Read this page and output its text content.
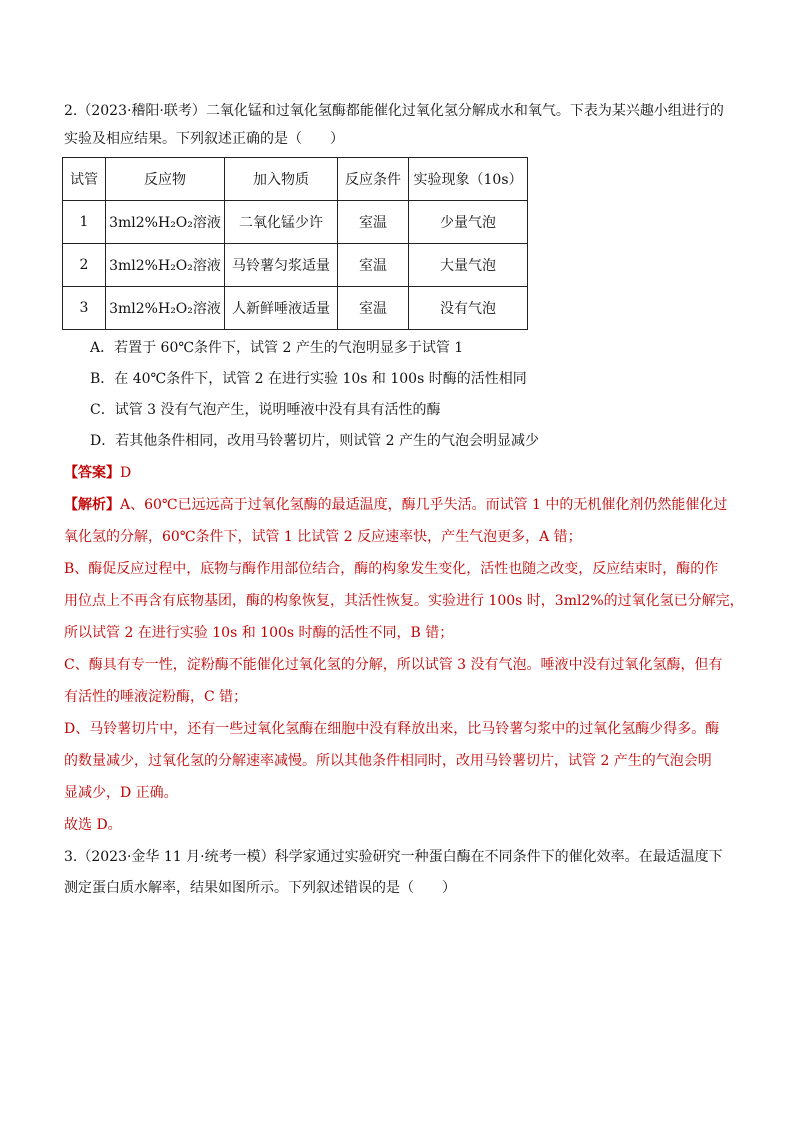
2.（2023·稽阳·联考）二氧化锰和过氧化氢酶都能催化过氧化氢分解成水和氧气。下表为某兴趣小组进行的
实验及相应结果。下列叙述正确的是（　　）
试管	反应物	加入物质	反应条件	实验现象（10s）
1	3ml2%H₂O₂溶液	二氧化锰少许	室温	少量气泡
2	3ml2%H₂O₂溶液	马铃薯匀浆适量	室温	大量气泡
3	3ml2%H₂O₂溶液	人新鲜唾液适量	室温	没有气泡
A．若置于 60℃条件下，试管 2 产生的气泡明显多于试管 1
B．在 40℃条件下，试管 2 在进行实验 10s 和 100s 时酶的活性相同
C．试管 3 没有气泡产生，说明唾液中没有具有活性的酶
D．若其他条件相同，改用马铃薯切片，则试管 2 产生的气泡会明显减少
【答案】D
【解析】A、60℃已远远高于过氧化氢酶的最适温度，酶几乎失活。而试管 1 中的无机催化剂仍然能催化过
氧化氢的分解，60℃条件下，试管 1 比试管 2 反应速率快，产生气泡更多，A 错；
B、酶促反应过程中，底物与酶作用部位结合，酶的构象发生变化，活性也随之改变，反应结束时，酶的作
用位点上不再含有底物基团，酶的构象恢复，其活性恢复。实验进行 100s 时，3ml2%的过氧化氢已分解完，
所以试管 2 在进行实验 10s 和 100s 时酶的活性不同，B 错；
C、酶具有专一性，淀粉酶不能催化过氧化氢的分解，所以试管 3 没有气泡。唾液中没有过氧化氢酶，但有
有活性的唾液淀粉酶，C 错；
D、马铃薯切片中，还有一些过氧化氢酶在细胞中没有释放出来，比马铃薯匀浆中的过氧化氢酶少得多。酶
的数量减少，过氧化氢的分解速率减慢。所以其他条件相同时，改用马铃薯切片，试管 2 产生的气泡会明
显减少，D 正确。
故选 D。
3.（2023·金华 11 月·统考一模）科学家通过实验研究一种蛋白酶在不同条件下的催化效率。在最适温度下
测定蛋白质水解率，结果如图所示。下列叙述错误的是（　　）
